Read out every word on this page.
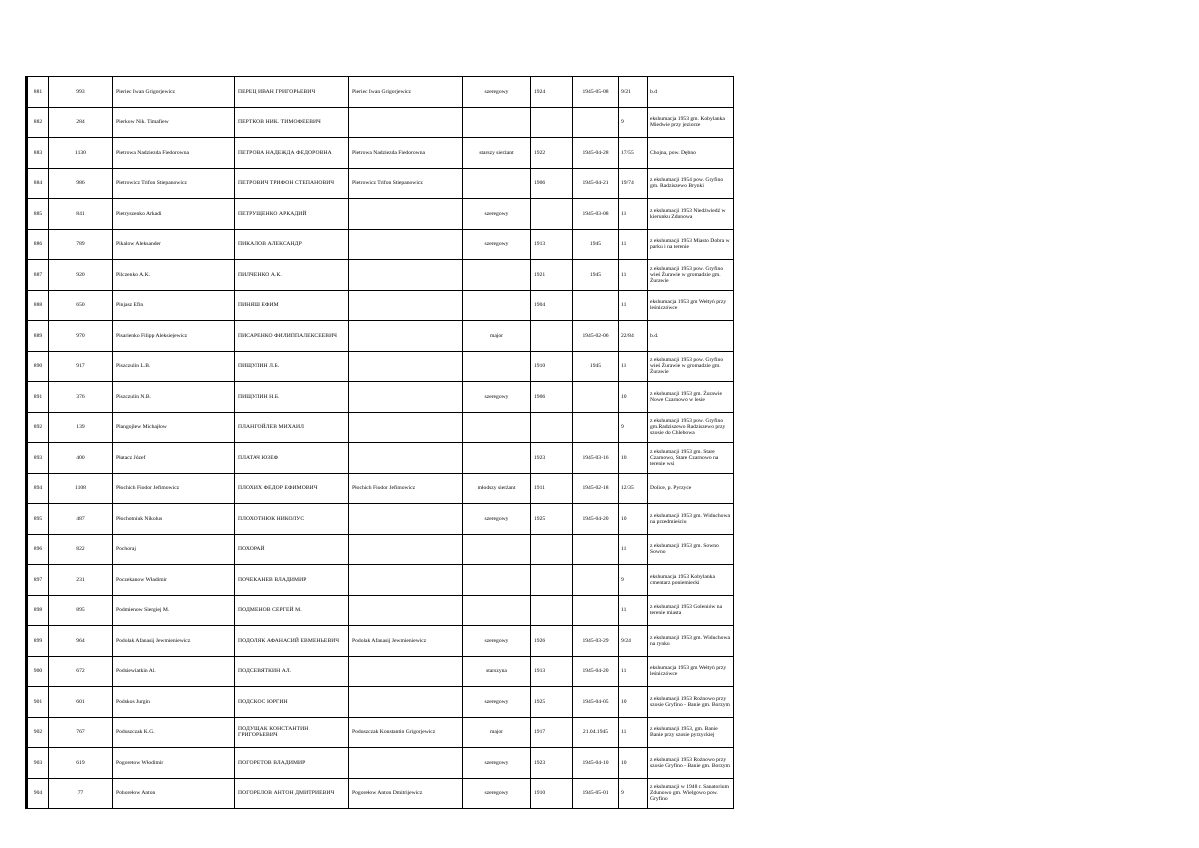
881	993	Pieriec Iwan Grigorjewicz	ПЕРЕЦ ИВАН ГРИГОРЬЕВИЧ	Pieriec Iwan Grigorjewicz	szeregowy	1924	1945-05-08	9/21	b.d
882	284	Pierkow Nik. Timafiew	ПЕРТКОВ НИК. ТИМОФЕЕВИЧ					9	ekshumacja 1953 gm. Kobylanka Miedwie przy jeziorze
883	1130	Pietrowa Nadziezda Fiedorowna	ПЕТРОВА НАДЕЖДА ФЕДОРОВНА	Pietrowa Nadziezda Fiedorowna	starszy sierżant	1922	1945-04-28	17/55	Chojna, pow. Dębno
884	986	Pietrowicz Trifon Stiepanowicz	ПЕТРОВИЧ ТРИФОН СТЕПАНОВИЧ	Pietrowicz Trifon Stiepanowicz		1906	1945-04-21	19/74	z ekshumacji 1954 pow. Gryfino gm. Radziszewo Brynki
885	841	Pietryszenko Arkadi	ПЕТРУЩЕНКО АРКАДИЙ		szeregowy		1945-03-08	11	z ekshumacji 1953 Niedźwiedź w kierunku Zdunowa
886	789	Pikalow Aleksander	ПИКАЛОВ АЛЕКСАНДР		szeregowy	1913	1945	11	z ekshumacji 1953 Miasto Dobra w parku i na terenie
887	920	Pilczenko A.K.	ПИЛЧЕНКО А.К.			1921	1945	11	z ekshumacji 1953 pow. Gryfino wieś Żurawie w gromadzie gm. Żurawie
888	650	Pinjasz Efin	ПИНЯШ ЕФИМ			1904		11	ekshumacja 1953 gm Wełtyń przy leśniczówce
889	970	Pisarienko Filipp Aleksiejewicz	ПИСАРЕНКО ФИЛИППАЛЕКСЕЕВИЧ		major		1945-02-06	22/84	b.d.
890	917	Piszczulin L.B.	ПИЩУЛИН Л.Б.			1910	1945	11	z ekshumacji 1953 pow. Gryfino wieś Żurawie w gromadzie gm. Żurawie
891	376	Piszczulin N.B.	ПИЩУЛИН Н.Б.		szeregowy	1906		10	z ekshumacji 1953 gm. Żurawie Nowe Czarnowo w lesie
892	139	Plangojlew Michajłow	ПЛАНГОЙЛЕВ МИХАИЛ					9	z ekshumacji 1953 pow. Gryfino gm.Radziszewo Radziszewo przy szosie do Chlebowa
893	400	Płatacz Józef	ПЛАТАЧ ЮЗЕФ			1923	1945-03-16	10	z ekshumacji 1953 gm. Stare Czarnowo, Stare Czarnowo na terenie wsi
894	1108	Płochich Fiodor Jefimowicz	ПЛОХИХ ФЕДОР ЕФИМОВИЧ	Płochich Fiodor Jefimowicz	młodszy sierżant	1911	1945-02-18	12/35	Dolice, p. Pyrzyce
895	487	Płochotniuk Nikolus	ПЛОХОТНЮК НИКОЛУС		szeregowy	1925	1945-04-20	10	z ekshumacji 1953 gm. Widuchowa na przedmieściu
896	822	Pochoraj	ПОХОРАЙ					11	z ekshumacji 1953 gm. Sowno Sowno
897	231	Poczekanow Władimir	ПОЧЕКАНЕВ ВЛАДИМИР					9	ekshumacja 1953 Kobylanka cmentarz poniemiecki
898	895	Podmienow Siergiej M.	ПОДМЕНОВ СЕРГЕЙ М.					11	z ekshumacji 1953 Goleniów na terenie miasta
899	964	Podolak Afanasij Jewmieniewicz	ПОДОЛЯК АФАНАСИЙ ЕВМЕНЬЕВИЧ	Podolak Afanasij Jewmieniewicz	szeregowy	1926	1945-03-29	9/24	z ekshumacji 1953 gm. Widuchowa na rynku
900	672	Podsiewiatkin Al.	ПОДСЕВЯТКИН АЛ.		starszyna	1913	1945-04-20	11	ekshumacja 1953 gm Wełtyń przy leśniczówce
901	601	Podskos Jurgin	ПОДСКОС ЮРГИН		szeregowy	1925	1945-04-05	10	z ekshumacji 1953 Rożnowo przy szosie Gryfino - Banie gm. Borzym
902	767	Poduszczak K.G.	ПОДУЩАК КОНСТАНТИН ГРИГОРЬЕВИЧ	Poduszczak Konstantin Grigorjewicz	major	1917	21.04.1945	11	z ekshumacji 1953, gm. Banie Banie przy szosie pyrzyckiej
903	619	Pogoretow Włodimir	ПОГОРЕТОВ ВЛАДИМИР		szeregowy	1923	1945-04-10	10	z ekshumacji 1953 Rożnowo przy szosie Gryfino - Banie gm. Borzym
904	77	Pohorełow Anton	ПОГОРЕЛОВ АНТОН ДМИТРИЕВИЧ	Pogorełow Anton Dmitrijewicz	szeregowy	1910	1945-05-01	9	z ekshumacji w 1948 r. Sanatorium Zdunowo gm. Wielgowo pow. Gryfino
